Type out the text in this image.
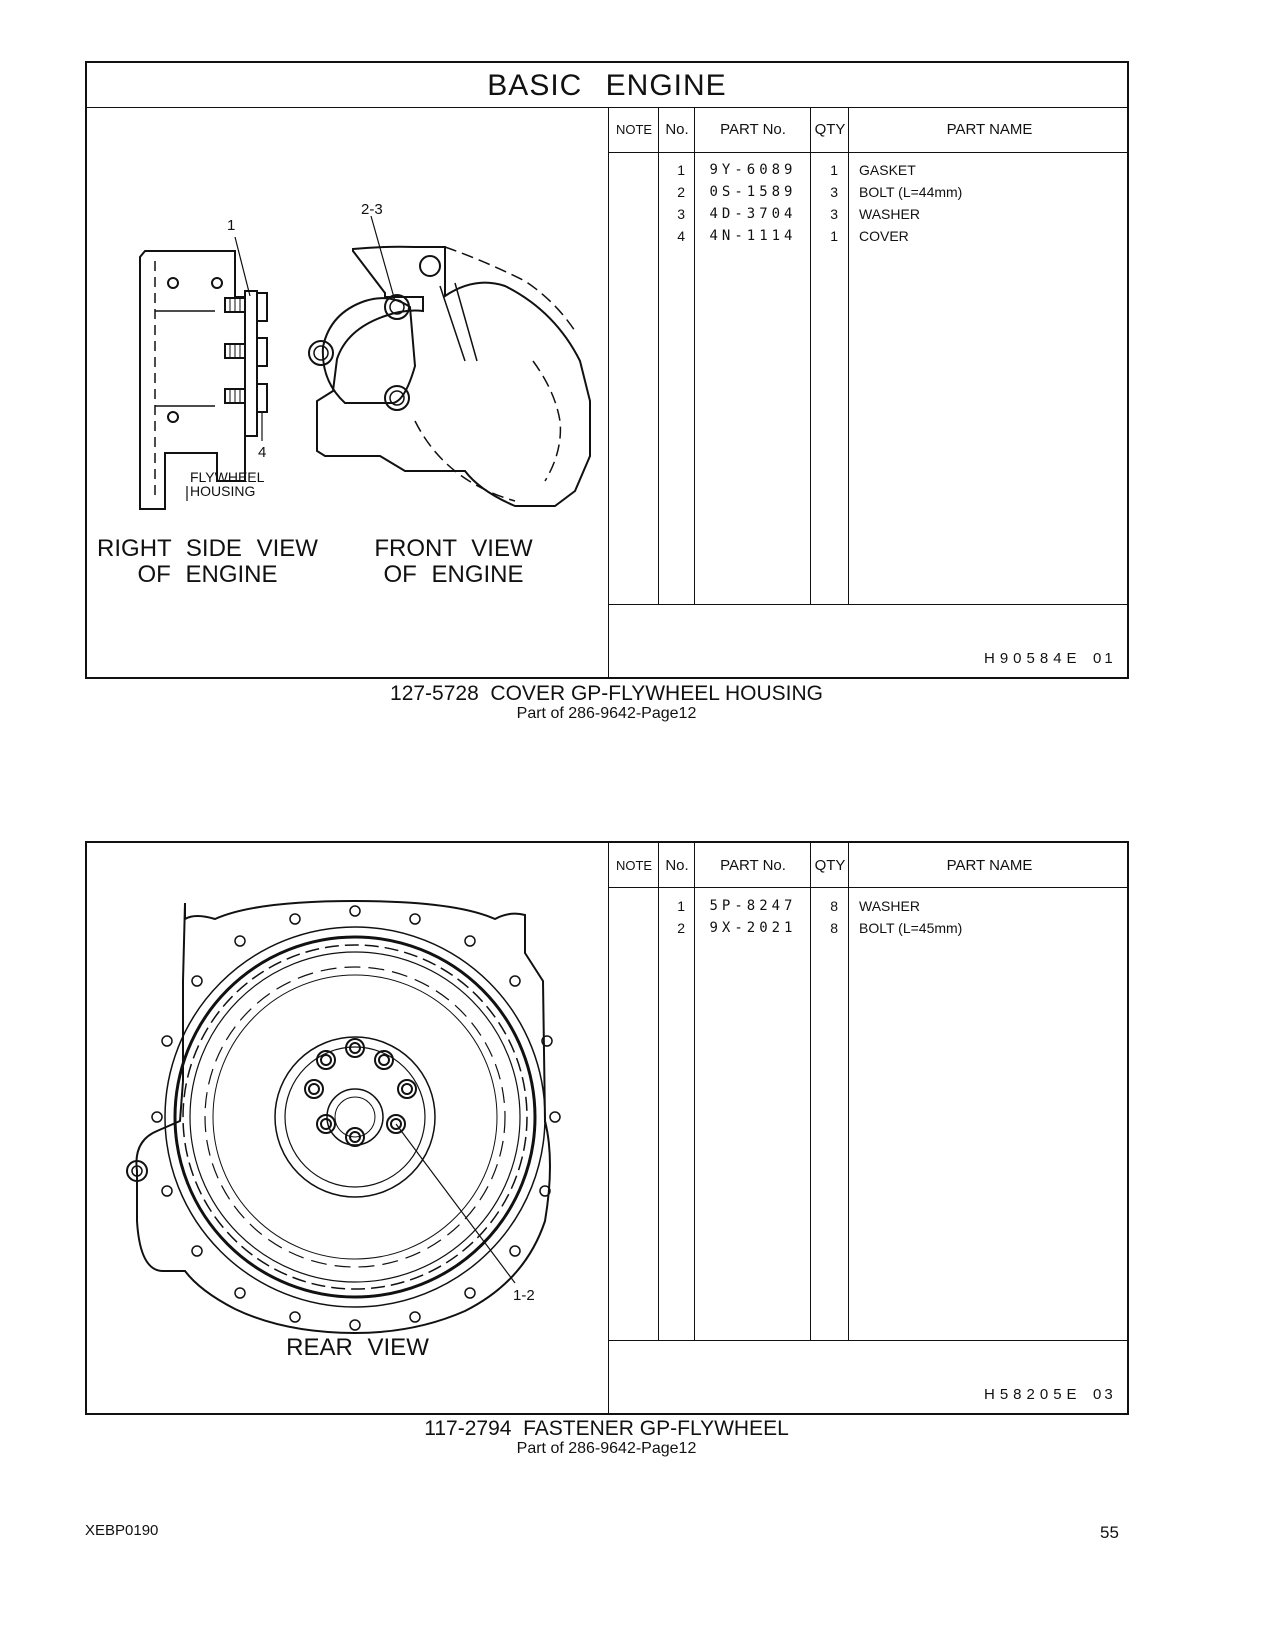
BASIC ENGINE
NOTE No.	PART No.	QTY	PART NAME
1	9Y-6089	1 GASKET
2	0S-1589	3 BOLT (L=44mm)
3	4D-3704	3 WASHER
4	4N-1114	1 COVER
H90584E 01
1
2-3
4
FLYWHEEL
HOUSING
RIGHT SIDE VIEW
OF ENGINE
FRONT VIEW
OF ENGINE
127-5728  COVER GP-FLYWHEEL HOUSING
Part of 286-9642-Page12
NOTE No.	PART No.	QTY	PART NAME
1	5P-8247	8 WASHER
2	9X-2021	8 BOLT (L=45mm)
H58205E 03
1-2
REAR VIEW
117-2794  FASTENER GP-FLYWHEEL
Part of 286-9642-Page12
XEBP0190	55
